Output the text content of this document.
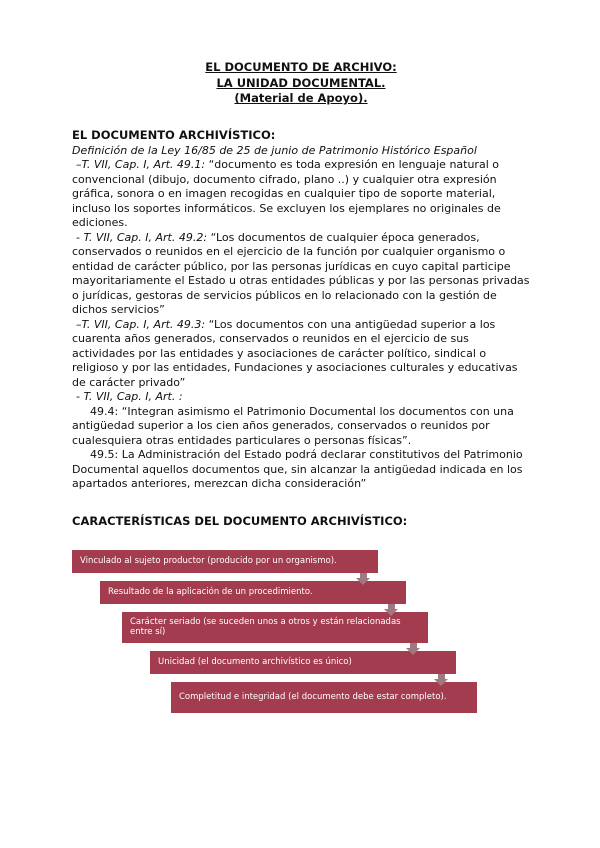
EL DOCUMENTO DE ARCHIVO:
LA UNIDAD DOCUMENTAL.
(Material de Apoyo).
EL DOCUMENTO ARCHIVÍSTICO:
Definición de la Ley 16/85 de 25 de junio de Patrimonio Histórico Español
–T. VII, Cap. I, Art. 49.1: “documento es toda expresión en lenguaje natural o convencional (dibujo, documento cifrado, plano ..) y cualquier otra expresión gráfica, sonora o en imagen recogidas en cualquier tipo de soporte material, incluso los soportes informáticos. Se excluyen los ejemplares no originales de ediciones.
- T. VII, Cap. I, Art. 49.2: “Los documentos de cualquier época generados, conservados o reunidos en el ejercicio de la función por cualquier organismo o entidad de carácter público, por las personas jurídicas en cuyo capital participe mayoritariamente el Estado u otras entidades públicas y por las personas privadas o jurídicas, gestoras de servicios públicos en lo relacionado con la gestión de dichos servicios”
–T. VII, Cap. I, Art. 49.3: “Los documentos con una antigüedad superior a los cuarenta años generados, conservados o reunidos en el ejercicio de sus actividades por las entidades y asociaciones de carácter político, sindical o religioso y por las entidades, Fundaciones y asociaciones culturales y educativas de carácter privado”
- T. VII, Cap. I, Art. :
49.4: “Integran asimismo el Patrimonio Documental los documentos con una antigüedad superior a los cien años generados, conservados o reunidos por cualesquiera otras entidades particulares o personas físicas”.
49.5: La Administración del Estado podrá declarar constitutivos del Patrimonio Documental aquellos documentos que, sin alcanzar la antigüedad indicada en los apartados anteriores, merezcan dicha consideración”
CARACTERÍSTICAS DEL DOCUMENTO ARCHIVÍSTICO:
Vinculado al sujeto productor (producido por un organismo).
Resultado de la aplicación de un procedimiento.
Carácter seriado (se suceden unos a otros y están relacionadas entre sí)
Unicidad (el documento archivístico es único)
Completitud e integridad (el documento debe estar completo).
